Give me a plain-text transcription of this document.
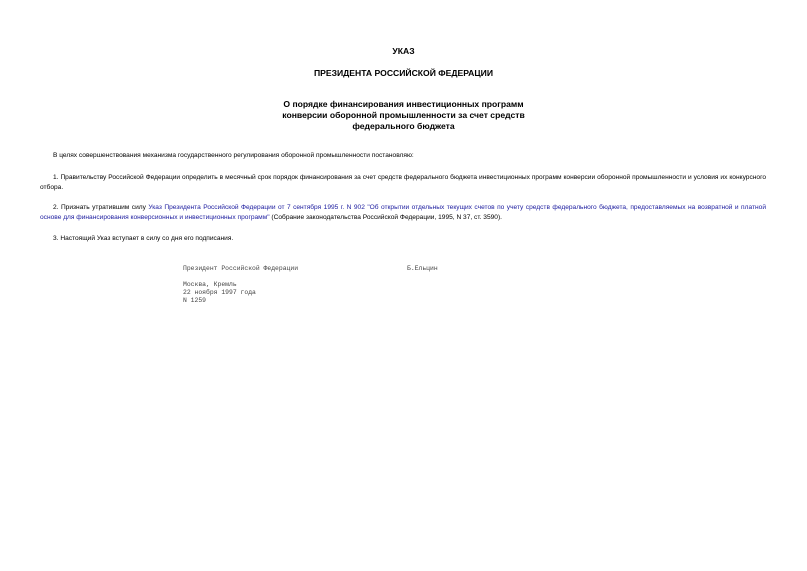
УКАЗ
ПРЕЗИДЕНТА РОССИЙСКОЙ ФЕДЕРАЦИИ
О порядке финансирования инвестиционных программ
конверсии оборонной промышленности за счет средств
федерального бюджета
В целях совершенствования механизма государственного регулирования оборонной промышленности постановляю:
1. Правительству Российской Федерации определить в месячный срок порядок финансирования за счет средств федерального бюджета инвестиционных программ конверсии оборонной промышленности и условия их конкурсного отбора.
2. Признать утратившим силу Указ Президента Российской Федерации от 7 сентября 1995 г. N 902 "Об открытии отдельных текущих счетов по учету средств федерального бюджета, предоставляемых на возвратной и платной основе для финансирования конверсионных и инвестиционных программ" (Собрание законодательства Российской Федерации, 1995, N 37, ст. 3590).
3. Настоящий Указ вступает в силу со дня его подписания.
Президент Российской Федерации	Б.Ельцин
Москва, Кремль
22 ноября 1997 года
N 1259
